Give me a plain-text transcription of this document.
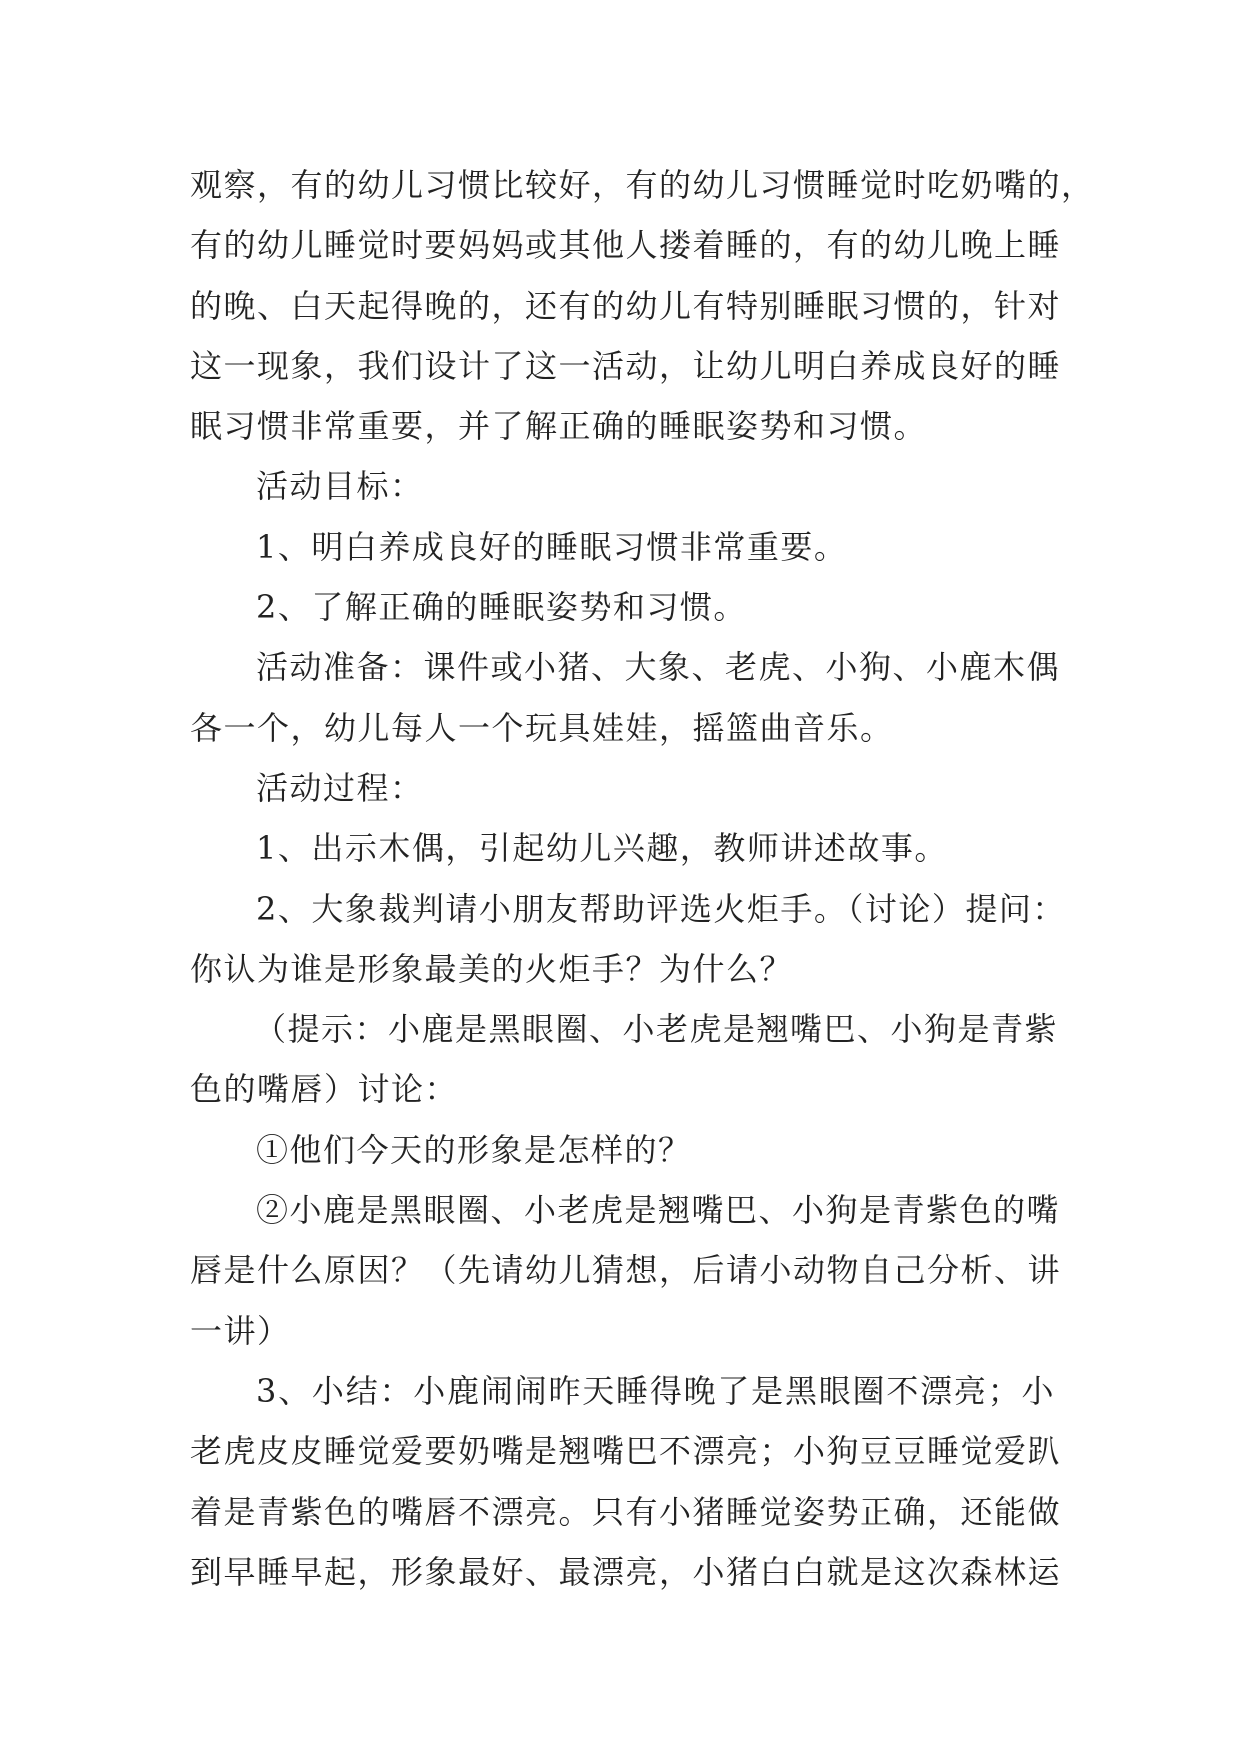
观察，有的幼儿习惯比较好，有的幼儿习惯睡觉时吃奶嘴的，
有的幼儿睡觉时要妈妈或其他人搂着睡的，有的幼儿晚上睡
的晚、白天起得晚的，还有的幼儿有特别睡眠习惯的，针对
这一现象，我们设计了这一活动，让幼儿明白养成良好的睡
眠习惯非常重要，并了解正确的睡眠姿势和习惯。
活动目标：
1、明白养成良好的睡眠习惯非常重要。
2、了解正确的睡眠姿势和习惯。
活动准备：课件或小猪、大象、老虎、小狗、小鹿木偶
各一个，幼儿每人一个玩具娃娃，摇篮曲音乐。
活动过程：
1、出示木偶，引起幼儿兴趣，教师讲述故事。
2、大象裁判请小朋友帮助评选火炬手。（讨论）提问：
你认为谁是形象最美的火炬手？为什么？
（提示：小鹿是黑眼圈、小老虎是翘嘴巴、小狗是青紫
色的嘴唇）讨论：
①他们今天的形象是怎样的？
②小鹿是黑眼圈、小老虎是翘嘴巴、小狗是青紫色的嘴
唇是什么原因？（先请幼儿猜想，后请小动物自己分析、讲
一讲）
3、小结：小鹿闹闹昨天睡得晚了是黑眼圈不漂亮；小
老虎皮皮睡觉爱要奶嘴是翘嘴巴不漂亮；小狗豆豆睡觉爱趴
着是青紫色的嘴唇不漂亮。只有小猪睡觉姿势正确，还能做
到早睡早起，形象最好、最漂亮，小猪白白就是这次森林运
